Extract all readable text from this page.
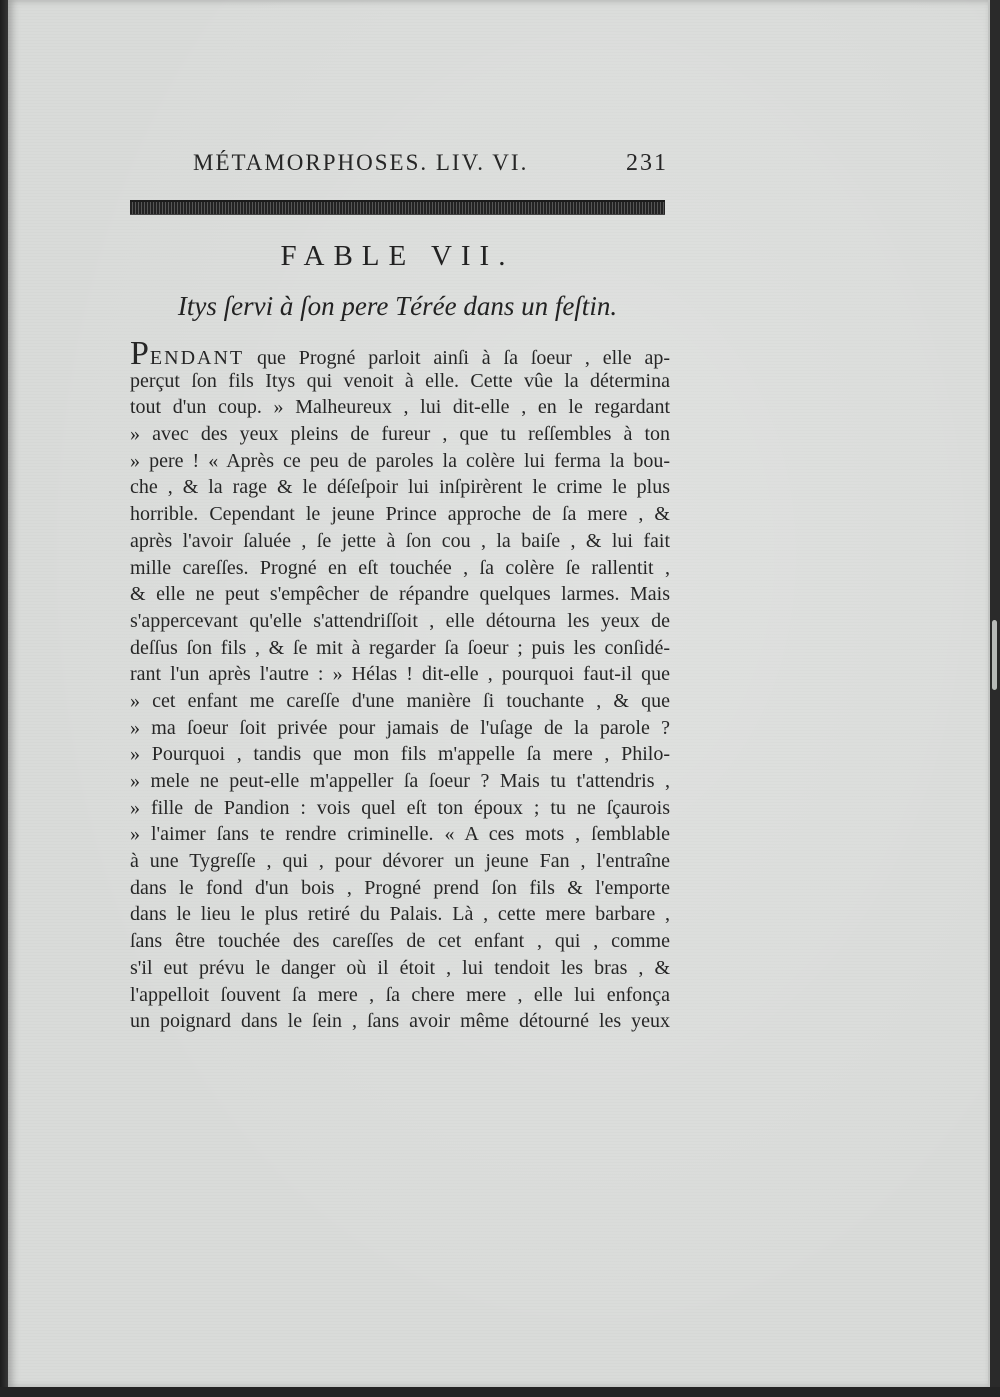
MÉTAMORPHOSES. LIV. VI.	231
FABLE VII.
Itys ſervi à ſon pere Térée dans un feſtin.
PENDANT que Progné parloit ainſi à ſa ſoeur , elle ap-
perçut ſon fils Itys qui venoit à elle. Cette vûe la détermina
tout d'un coup. » Malheureux , lui dit-elle , en le regardant
» avec des yeux pleins de fureur , que tu reſſembles à ton
» pere ! « Après ce peu de paroles la colère lui ferma la bou-
che , & la rage & le déſeſpoir lui inſpirèrent le crime le plus
horrible. Cependant le jeune Prince approche de ſa mere , &
après l'avoir ſaluée , ſe jette à ſon cou , la baiſe , & lui fait
mille careſſes. Progné en eſt touchée , ſa colère ſe rallentit ,
& elle ne peut s'empêcher de répandre quelques larmes. Mais
s'appercevant qu'elle s'attendriſſoit , elle détourna les yeux de
deſſus ſon fils , & ſe mit à regarder ſa ſoeur ; puis les conſidé-
rant l'un après l'autre : » Hélas ! dit-elle , pourquoi faut-il que
» cet enfant me careſſe d'une manière ſi touchante , & que
» ma ſoeur ſoit privée pour jamais de l'uſage de la parole ?
» Pourquoi , tandis que mon fils m'appelle ſa mere , Philo-
» mele ne peut-elle m'appeller ſa ſoeur ? Mais tu t'attendris ,
» fille de Pandion : vois quel eſt ton époux ; tu ne ſçaurois
» l'aimer ſans te rendre criminelle. « A ces mots , ſemblable
à une Tygreſſe , qui , pour dévorer un jeune Fan , l'entraîne
dans le fond d'un bois , Progné prend ſon fils & l'emporte
dans le lieu le plus retiré du Palais. Là , cette mere barbare ,
ſans être touchée des careſſes de cet enfant , qui , comme
s'il eut prévu le danger où il étoit , lui tendoit les bras , &
l'appelloit ſouvent ſa mere , ſa chere mere , elle lui enfonça
un poignard dans le ſein , ſans avoir même détourné les yeux
